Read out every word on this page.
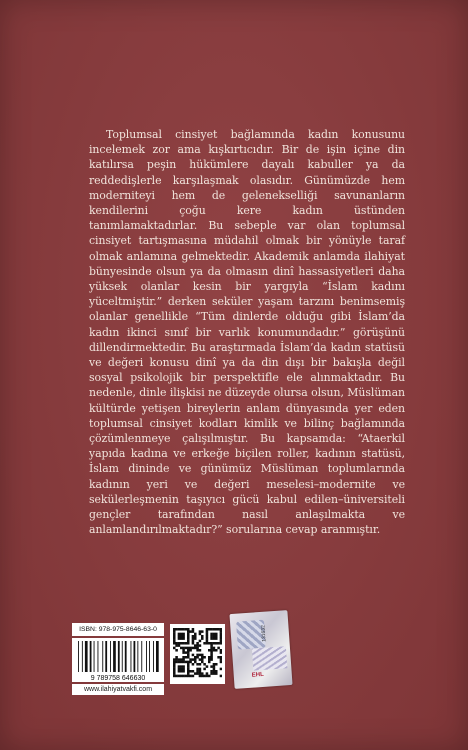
Toplumsal cinsiyet bağlamında kadın konusunu incelemek zor ama kışkırtıcıdır. Bir de işin içine din katılırsa peşin hükümlere dayalı kabuller ya da reddedişlerle karşılaşmak olasıdır. Günümüzde hem moderniteyi hem de gelenekselliği savunanların kendilerini çoğu kere kadın üstünden tanımlamaktadırlar. Bu sebeple var olan toplumsal cinsiyet tartışmasına müdahil olmak bir yönüyle taraf olmak anlamına gelmektedir. Akademik anlamda ilahiyat bünyesinde olsun ya da olmasın dinî hassasiyetleri daha yüksek olanlar kesin bir yargıyla “İslam kadını yüceltmiştir.” derken seküler yaşam tarzını benimsemiş olanlar genellikle “Tüm dinlerde olduğu gibi İslam’da kadın ikinci sınıf bir varlık konumundadır.” görüşünü dillendirmektedir. Bu araştırmada İslam’da kadın statüsü ve değeri konusu dinî ya da din dışı bir bakışla değil sosyal psikolojik bir perspektifle ele alınmaktadır. Bu nedenle, dinle ilişkisi ne düzeyde olursa olsun, Müslüman kültürde yetişen bireylerin anlam dünyasında yer eden toplumsal cinsiyet kodları kimlik ve bilinç bağlamında çözümlenmeye çalışılmıştır. Bu kapsamda: “Ataerkil yapıda kadına ve erkeğe biçilen roller, kadının statüsü, İslam dininde ve günümüz Müslüman toplumlarında kadının yeri ve değeri meselesi–modernite ve sekülerleşmenin taşıyıcı gücü kabul edilen–üniversiteli gençler tarafından nasıl anlaşılmakta ve anlamlandırılmaktadır?” sorularına cevap aranmıştır.

ISBN: 978-975-8646-63-0
9 789758 646630
www.ilahiyatvakfi.com
131632
EHL
